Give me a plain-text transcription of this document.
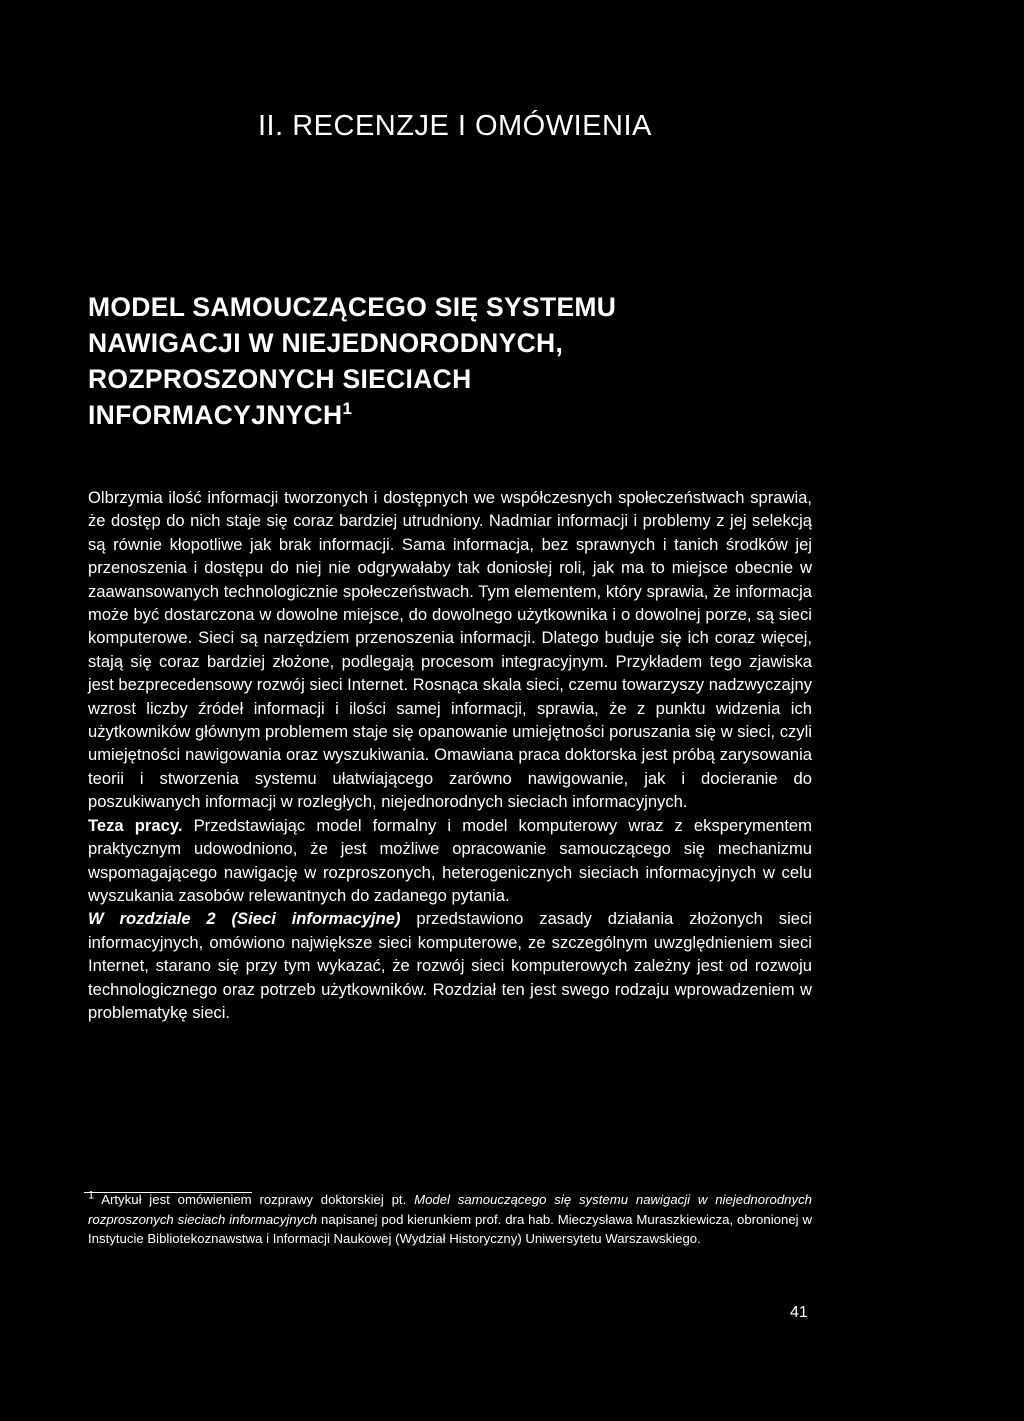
II. RECENZJE I OMÓWIENIA
MODEL SAMOUCZĄCEGO SIĘ SYSTEMU NAWIGACJI W NIEJEDNORODNYCH, ROZPROSZONYCH SIECIACH INFORMACYJNYCH$^1$

Olbrzymia ilość informacji tworzonych i dostępnych we współczesnych społeczeństwach sprawia, że dostęp do nich staje się coraz bardziej utrudniony. Nadmiar informacji i problemy z jej selekcją są równie kłopotliwe jak brak informacji. Sama informacja, bez sprawnych i tanich środków jej przenoszenia i dostępu do niej nie odgrywałaby tak doniosłej roli, jak ma to miejsce obecnie w zaawansowanych technologicznie społeczeństwach. Tym elementem, który sprawia, że informacja może być dostarczona w dowolne miejsce, do dowolnego użytkownika i o dowolnej porze, są sieci komputerowe. Sieci są narzędziem przenoszenia informacji. Dlatego buduje się ich coraz więcej, stają się coraz bardziej złożone, podlegają procesom integracyjnym. Przykładem tego zjawiska jest bezprecedensowy rozwój sieci Internet. Rosnąca skala sieci, czemu towarzyszy nadzwyczajny wzrost liczby źródeł informacji i ilości samej informacji, sprawia, że z punktu widzenia ich użytkowników głównym problemem staje się opanowanie umiejętności poruszania się w sieci, czyli umiejętności nawigowania oraz wyszukiwania. Omawiana praca doktorska jest próbą zarysowania teorii i stworzenia systemu ułatwiającego zarówno nawigowanie, jak i docieranie do poszukiwanych informacji w rozległych, niejednorodnych sieciach informacyjnych.

Teza pracy. Przedstawiając model formalny i model komputerowy wraz z eksperymentem praktycznym udowodniono, że jest możliwe opracowanie samouczącego się mechanizmu wspomagającego nawigację w rozproszonych, heterogenicznych sieciach informacyjnych w celu wyszukania zasobów relewantnych do zadanego pytania.

W rozdziale 2 (Sieci informacyjne) przedstawiono zasady działania złożonych sieci informacyjnych, omówiono największe sieci komputerowe, ze szczególnym uwzględnieniem sieci Internet, starano się przy tym wykazać, że rozwój sieci komputerowych zależny jest od rozwoju technologicznego oraz potrzeb użytkowników. Rozdział ten jest swego rodzaju wprowadzeniem w problematykę sieci.

$^1$ Artykuł jest omówieniem rozprawy doktorskiej pt. Model samouczącego się systemu nawigacji w niejednorodnych rozproszonych sieciach informacyjnych napisanej pod kierunkiem prof. dra hab. Mieczysława Muraszkiewicza, obronionej w Instytucie Bibliotekoznawstwa i Informacji Naukowej (Wydział Historyczny) Uniwersytetu Warszawskiego.
41
